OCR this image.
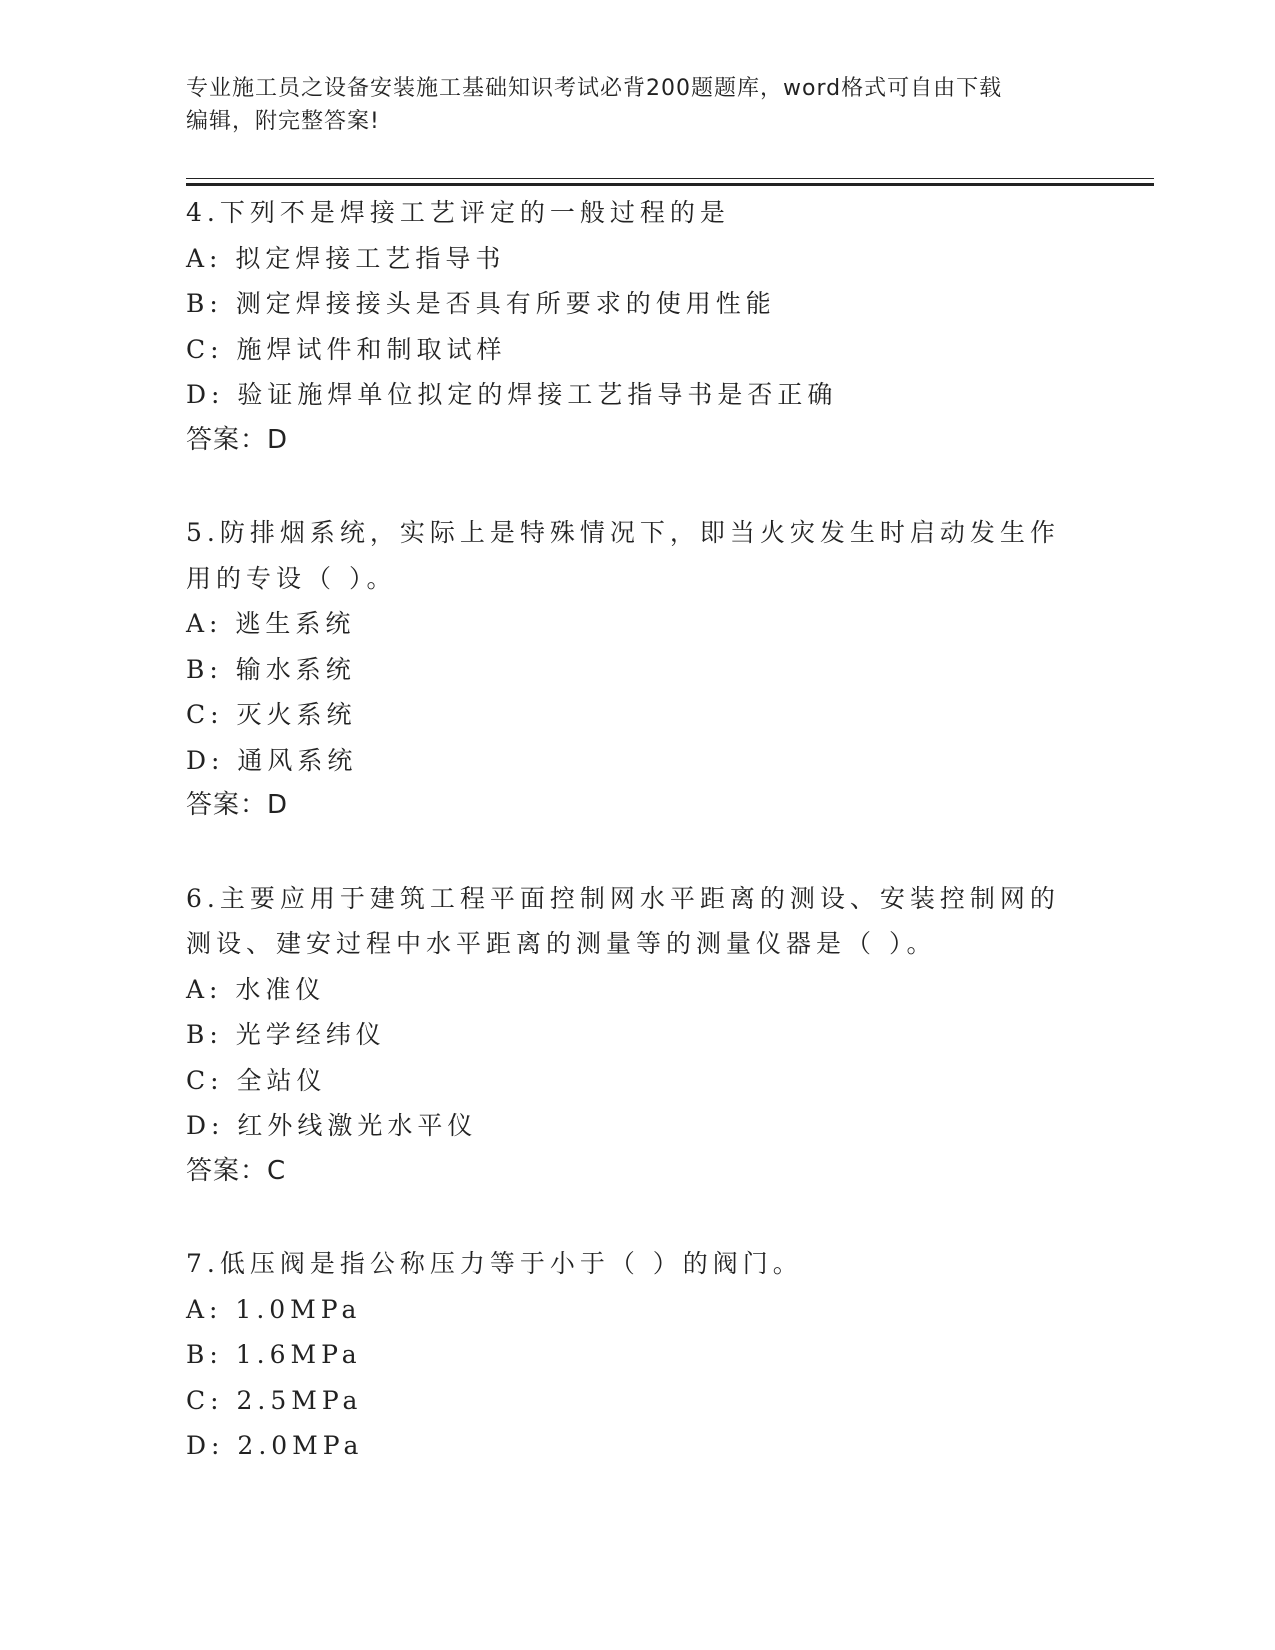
专业施工员之设备安装施工基础知识考试必背200题题库，word格式可自由下载
编辑，附完整答案!
4.下列不是焊接工艺评定的一般过程的是
A: 拟定焊接工艺指导书
B: 测定焊接接头是否具有所要求的使用性能
C: 施焊试件和制取试样
D: 验证施焊单位拟定的焊接工艺指导书是否正确
答案：D
5.防排烟系统，实际上是特殊情况下，即当火灾发生时启动发生作用的专设（ ）。
A: 逃生系统
B: 输水系统
C: 灭火系统
D: 通风系统
答案：D
6.主要应用于建筑工程平面控制网水平距离的测设、安装控制网的测设、建安过程中水平距离的测量等的测量仪器是（ ）。
A: 水准仪
B: 光学经纬仪
C: 全站仪
D: 红外线激光水平仪
答案：C
7.低压阀是指公称压力等于小于（ ）的阀门。
A: 1.0MPa
B: 1.6MPa
C: 2.5MPa
D: 2.0MPa
